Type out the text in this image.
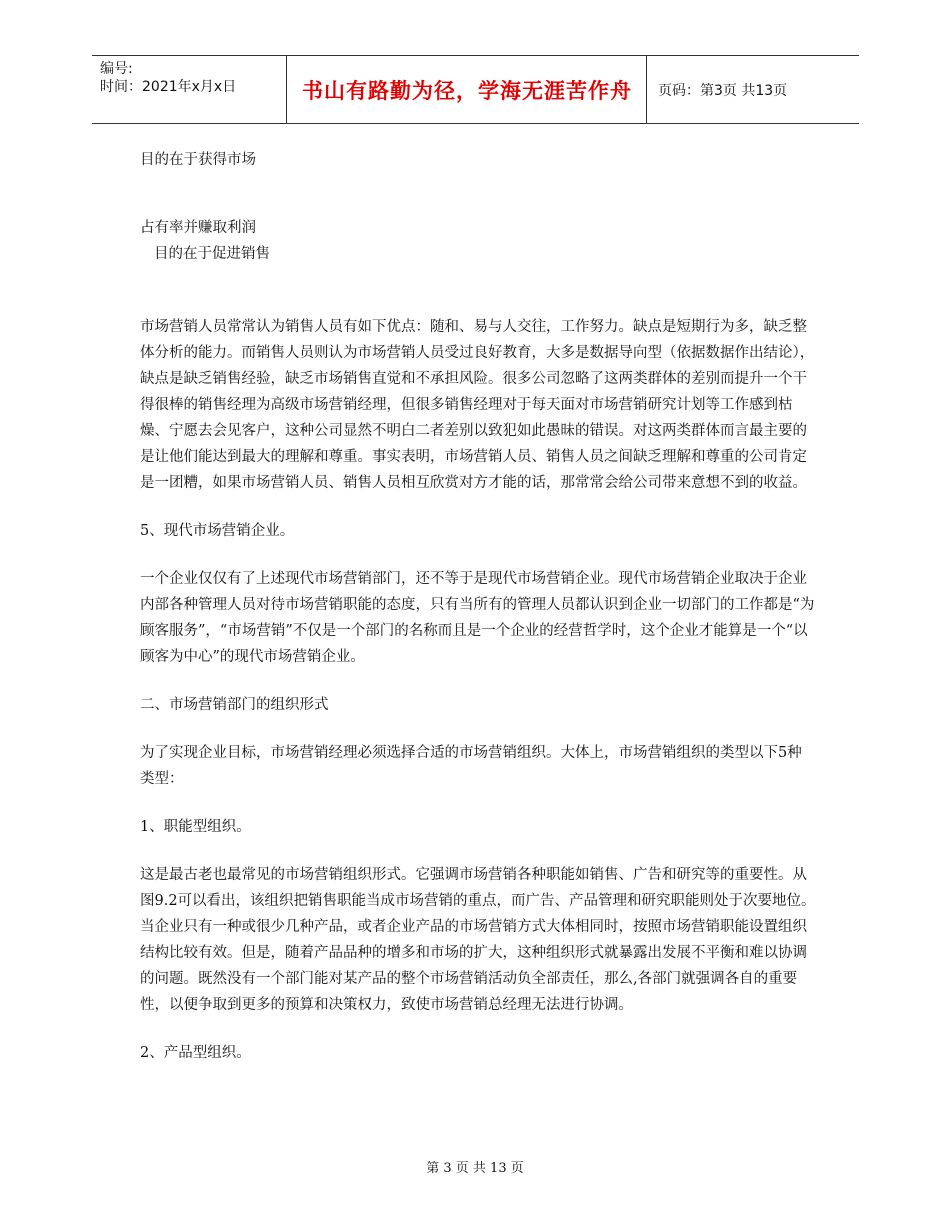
编号:
时间：2021年x月x日	书山有路勤为径，学海无涯苦作舟	页码：第3页 共13页

目的在于获得市场

占有率并赚取利润

目的在于促进销售

市场营销人员常常认为销售人员有如下优点：随和、易与人交往，工作努力。缺点是短期行为多，缺乏整体分析的能力。而销售人员则认为市场营销人员受过良好教育，大多是数据导向型（依据数据作出结论），缺点是缺乏销售经验，缺乏市场销售直觉和不承担风险。很多公司忽略了这两类群体的差别而提升一个干得很棒的销售经理为高级市场营销经理，但很多销售经理对于每天面对市场营销研究计划等工作感到枯燥、宁愿去会见客户，这种公司显然不明白二者差别以致犯如此愚昧的错误。对这两类群体而言最主要的是让他们能达到最大的理解和尊重。事实表明，市场营销人员、销售人员之间缺乏理解和尊重的公司肯定是一团糟，如果市场营销人员、销售人员相互欣赏对方才能的话，那常常会给公司带来意想不到的收益。

5、现代市场营销企业。

一个企业仅仅有了上述现代市场营销部门，还不等于是现代市场营销企业。现代市场营销企业取决于企业内部各种管理人员对待市场营销职能的态度，只有当所有的管理人员都认识到企业一切部门的工作都是“为顾客服务”，“市场营销”不仅是一个部门的名称而且是一个企业的经营哲学时，这个企业才能算是一个“以顾客为中心”的现代市场营销企业。

二、市场营销部门的组织形式

为了实现企业目标，市场营销经理必须选择合适的市场营销组织。大体上，市场营销组织的类型以下5种类型：

1、职能型组织。

这是最古老也最常见的市场营销组织形式。它强调市场营销各种职能如销售、广告和研究等的重要性。从图9.2可以看出，该组织把销售职能当成市场营销的重点，而广告、产品管理和研究职能则处于次要地位。当企业只有一种或很少几种产品，或者企业产品的市场营销方式大体相同时，按照市场营销职能设置组织结构比较有效。但是，随着产品品种的增多和市场的扩大，这种组织形式就暴露出发展不平衡和难以协调的问题。既然没有一个部门能对某产品的整个市场营销活动负全部责任，那么,各部门就强调各自的重要性，以便争取到更多的预算和决策权力，致使市场营销总经理无法进行协调。

2、产品型组织。

第 3 页 共 13 页
